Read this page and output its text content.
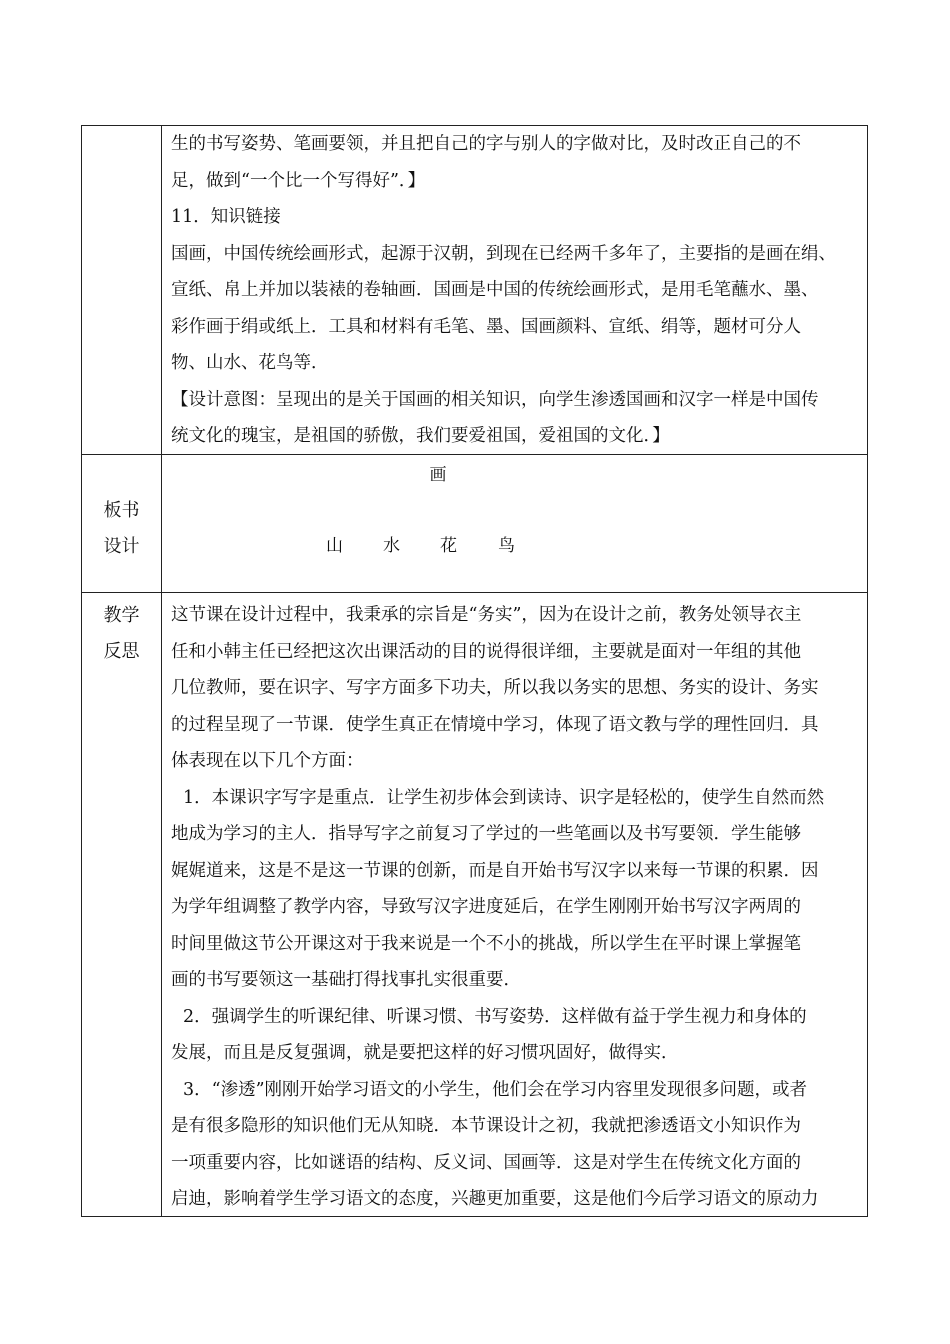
生的书写姿势、笔画要领，并且把自己的字与别人的字做对比，及时改正自己的不
足，做到“一个比一个写得好”．】
11．知识链接
国画，中国传统绘画形式，起源于汉朝，到现在已经两千多年了，主要指的是画在绢、
宣纸、帛上并加以装裱的卷轴画．国画是中国的传统绘画形式，是用毛笔蘸水、墨、
彩作画于绢或纸上．工具和材料有毛笔、墨、国画颜料、宣纸、绢等，题材可分人
物、山水、花鸟等．
【设计意图：呈现出的是关于国画的相关知识，向学生渗透国画和汉字一样是中国传
统文化的瑰宝，是祖国的骄傲，我们要爱祖国，爱祖国的文化．】
板书
设计
画
山 水 花 鸟
教学
反思
这节课在设计过程中，我秉承的宗旨是“务实”，因为在设计之前，教务处领导衣主
任和小韩主任已经把这次出课活动的目的说得很详细，主要就是面对一年组的其他
几位教师，要在识字、写字方面多下功夫，所以我以务实的思想、务实的设计、务实
的过程呈现了一节课．使学生真正在情境中学习，体现了语文教与学的理性回归．具
体表现在以下几个方面：
1．本课识字写字是重点．让学生初步体会到读诗、识字是轻松的，使学生自然而然
地成为学习的主人．指导写字之前复习了学过的一些笔画以及书写要领．学生能够
娓娓道来，这是不是这一节课的创新，而是自开始书写汉字以来每一节课的积累．因
为学年组调整了教学内容，导致写汉字进度延后，在学生刚刚开始书写汉字两周的
时间里做这节公开课这对于我来说是一个不小的挑战，所以学生在平时课上掌握笔
画的书写要领这一基础打得找事扎实很重要．
2．强调学生的听课纪律、听课习惯、书写姿势．这样做有益于学生视力和身体的
发展，而且是反复强调，就是要把这样的好习惯巩固好，做得实．
3．“渗透”刚刚开始学习语文的小学生，他们会在学习内容里发现很多问题，或者
是有很多隐形的知识他们无从知晓．本节课设计之初，我就把渗透语文小知识作为
一项重要内容，比如谜语的结构、反义词、国画等．这是对学生在传统文化方面的
启迪，影响着学生学习语文的态度，兴趣更加重要，这是他们今后学习语文的原动力
